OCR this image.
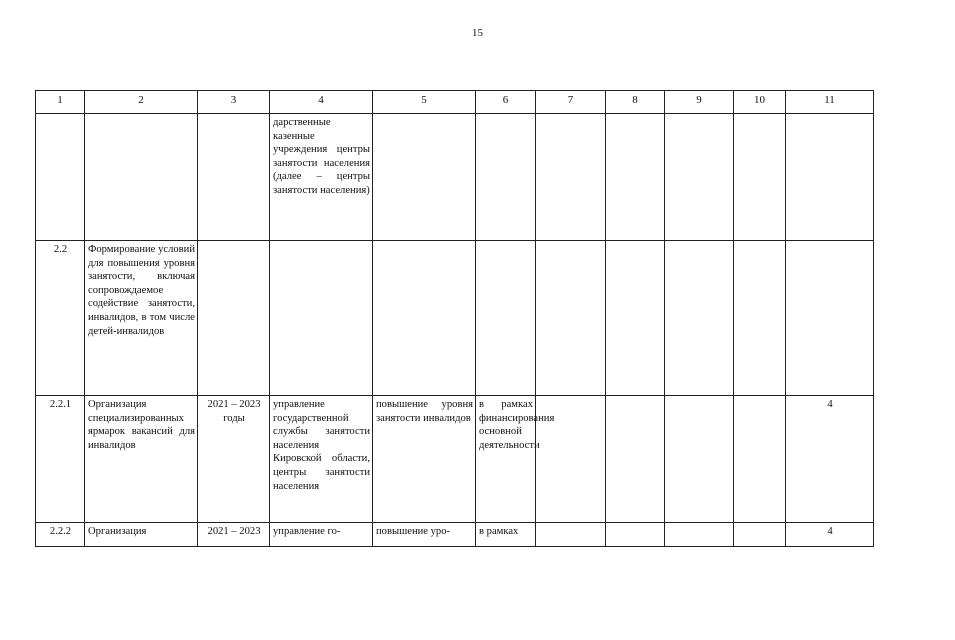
15
1	2	3	4	5	6	7	8	9	10	11
			дарственные казенные учреждения центры занятости населения (далее – центры занятости населения)							
2.2	Формирование условий для повышения уровня занятости, включая сопровождаемое содействие занятости, инвалидов, в том числе детей-инвалидов									
2.2.1	Организация специализированных ярмарок вакансий для инвалидов	2021 – 2023 годы	управление государственной службы занятости населения Кировской области, центры занятости населения	повышение уровня занятости инвалидов	в рамках финансирования основной деятельности					4
2.2.2	Организация	2021 – 2023	управление го-	повышение уро-	в рамках					4
